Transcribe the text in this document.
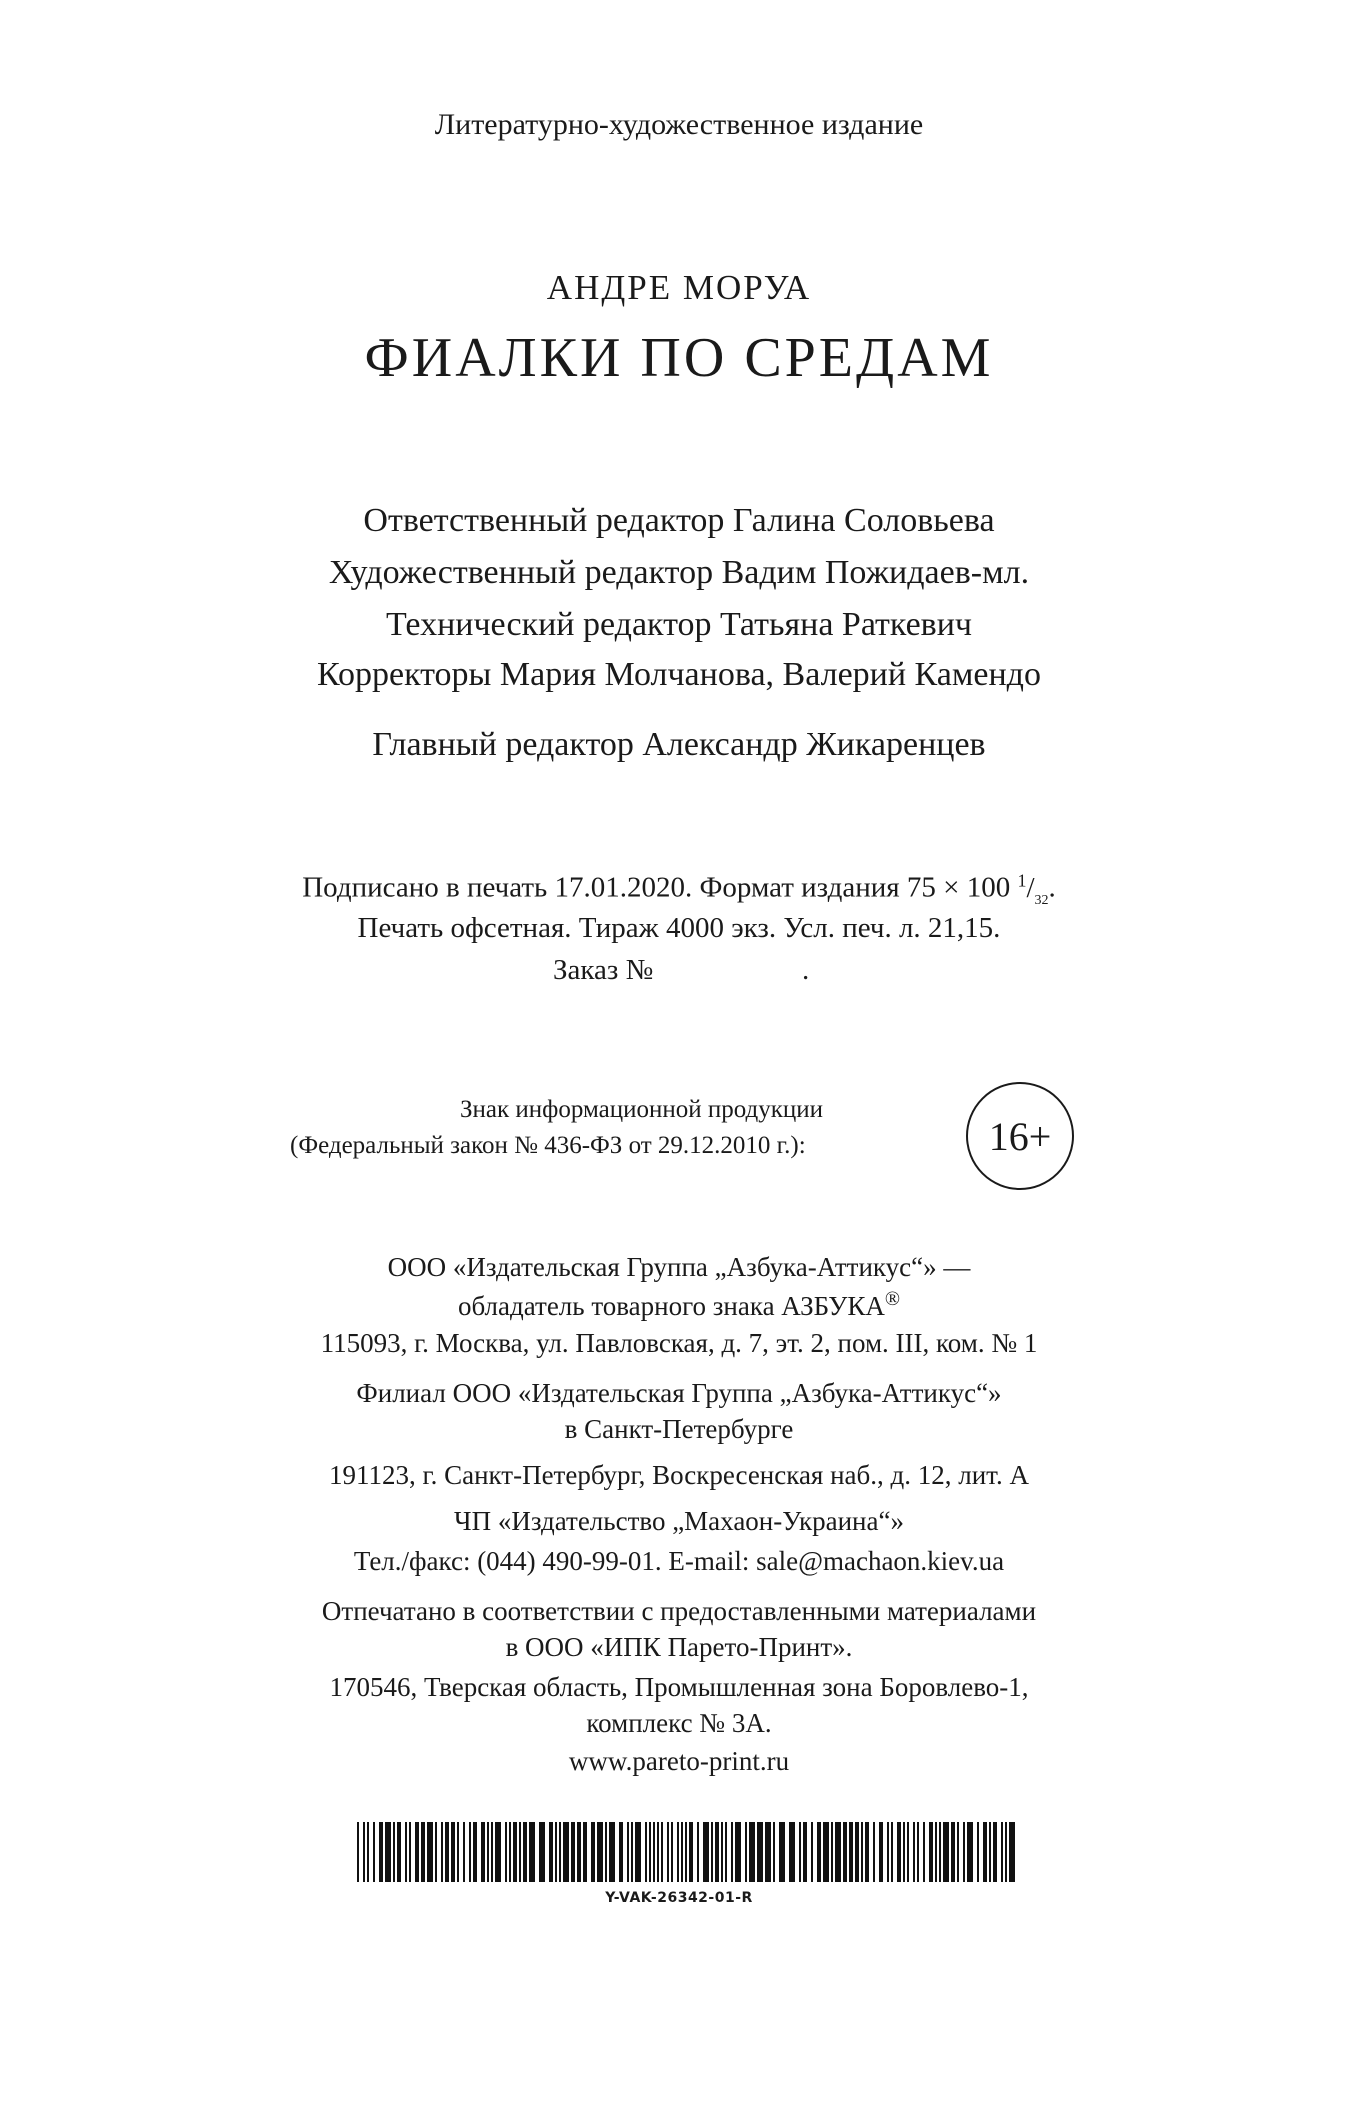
Литературно-художественное издание
АНДРЕ МОРУА
ФИАЛКИ ПО СРЕДАМ
Ответственный редактор Галина Соловьева
Художественный редактор Вадим Пожидаев-мл.
Технический редактор Татьяна Раткевич
Корректоры Мария Молчанова, Валерий Камендо
Главный редактор Александр Жикаренцев
Подписано в печать 17.01.2020. Формат издания 75 × 100 $^1/_{32}$.
Печать офсетная. Тираж 4000 экз. Усл. печ. л. 21,15.
Заказ №	.
Знак информационной продукции
(Федеральный закон № 436-ФЗ от 29.12.2010 г.):	16+
ООО «Издательская Группа „Азбука-Аттикус“» —
обладатель товарного знака АЗБУКА®
115093, г. Москва, ул. Павловская, д. 7, эт. 2, пом. III, ком. № 1
Филиал ООО «Издательская Группа „Азбука-Аттикус“»
в Санкт-Петербурге
191123, г. Санкт-Петербург, Воскресенская наб., д. 12, лит. А
ЧП «Издательство „Махаон-Украина“»
Тел./факс: (044) 490-99-01. E-mail: sale@machaon.kiev.ua
Отпечатано в соответствии с предоставленными материалами
в ООО «ИПК Парето-Принт».
170546, Тверская область, Промышленная зона Боровлево-1,
комплекс № 3А.
www.pareto-print.ru
Y-VAK-26342-01-R
